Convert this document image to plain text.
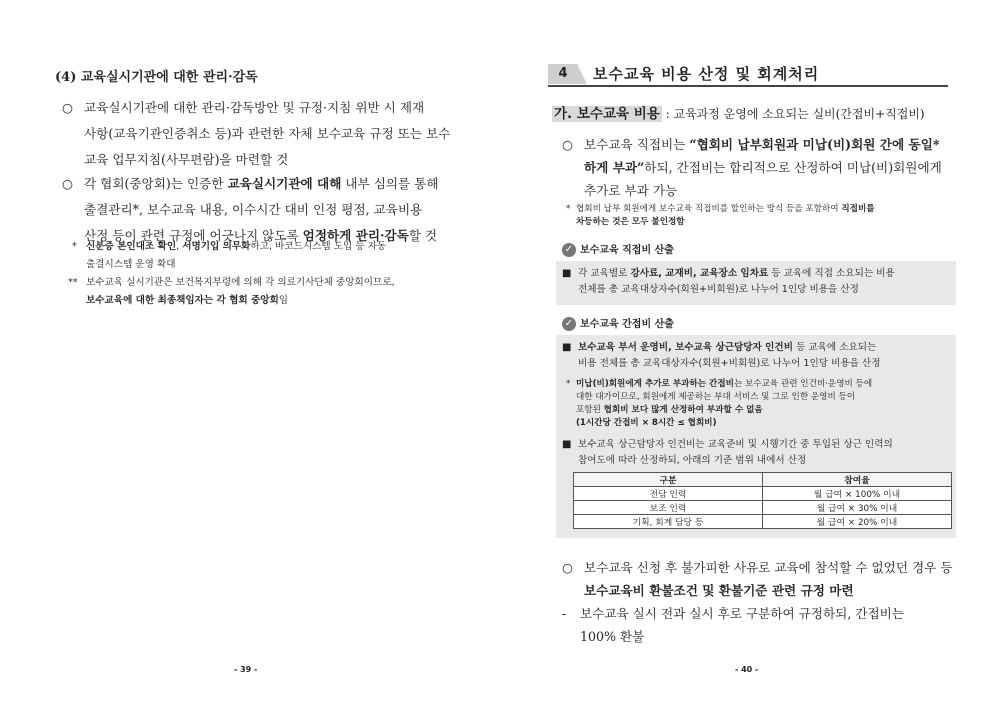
(4) 교육실시기관에 대한 관리·감독
○ 교육실시기관에 대한 관리·감독방안 및 규정·지침 위반 시 제재
사항(교육기관인증취소 등)과 관련한 자체 보수교육 규정 또는 보수
교육 업무지침(사무편람)을 마련할 것
○ 각 협회(중앙회)는 인증한 교육실시기관에 대해 내부 심의를 통해
출결관리*, 보수교육 내용, 이수시간 대비 인정 평점, 교육비용
산정 등이 관련 규정에 어긋나지 않도록 엄정하게 관리·감독할 것
* 신분증 본인대조 확인, 서명기입 의무화하고, 바코드시스템 도입 등 자동
출결시스템 운영 확대
** 보수교육 실시기관은 보건복지부령에 의해 각 의료기사단체 중앙회이므로,
보수교육에 대한 최종책임자는 각 협회 중앙회임
- 39 -
4	보수교육 비용 산정 및 회계처리
가. 보수교육 비용 : 교육과정 운영에 소요되는 실비(간접비+직접비)
○ 보수교육 직접비는 “협회비 납부회원과 미납(비)회원 간에 동일*
하게 부과”하되, 간접비는 합리적으로 산정하여 미납(비)회원에게
추가로 부과 가능
* 협회비 납부 회원에게 보수교육 직접비를 할인하는 방식 등을 포함하여 직접비를
차등하는 것은 모두 불인정함
✓ 보수교육 직접비 산출
■ 각 교육별로 강사료, 교재비, 교육장소 임차료 등 교육에 직접 소요되는 비용
전체를 총 교육대상자수(회원+비회원)로 나누어 1인당 비용을 산정
✓ 보수교육 간접비 산출
■ 보수교육 부서 운영비, 보수교육 상근담당자 인건비 등 교육에 소요되는
비용 전체를 총 교육대상자수(회원+비회원)로 나누어 1인당 비용을 산정
* 미납(비)회원에게 추가로 부과하는 간접비는 보수교육 관련 인건비·운영비 등에
대한 대가이므로, 회원에게 제공하는 부대 서비스 및 그로 인한 운영비 등이
포함된 협회비 보다 많게 산정하여 부과할 수 없음
(1시간당 간접비 × 8시간 ≤ 협회비)
■ 보수교육 상근담당자 인건비는 교육준비 및 시행기간 중 투입된 상근 인력의
참여도에 따라 산정하되, 아래의 기준 범위 내에서 산정
구분	참여율
전담 인력	월 급여 × 100% 이내
보조 인력	월 급여 × 30% 이내
기획, 회계 담당 등	월 급여 × 20% 이내
○ 보수교육 신청 후 불가피한 사유로 교육에 참석할 수 없었던 경우 등
보수교육비 환불조건 및 환불기준 관련 규정 마련
- 보수교육 실시 전과 실시 후로 구분하여 규정하되, 간접비는
100% 환불
- 40 -
